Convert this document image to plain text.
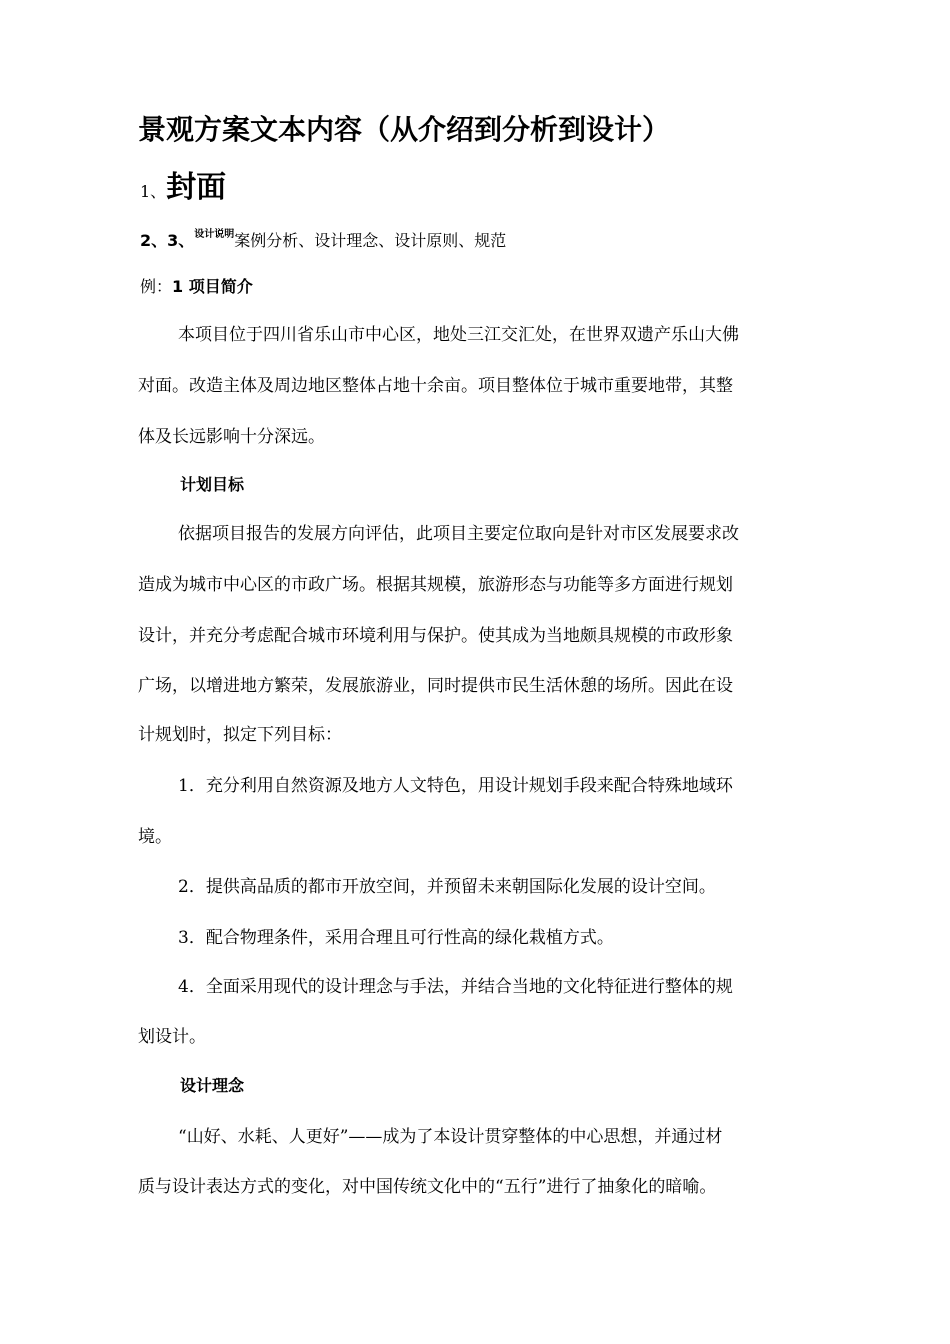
景观方案文本内容（从介绍到分析到设计）
1、封面
2、3、$^{设计说明}$案例分析、设计理念、设计原则、规范
例：1 项目简介
本项目位于四川省乐山市中心区，地处三江交汇处，在世界双遗产乐山大佛
对面。改造主体及周边地区整体占地十余亩。项目整体位于城市重要地带，其整
体及长远影响十分深远。
计划目标
依据项目报告的发展方向评估，此项目主要定位取向是针对市区发展要求改
造成为城市中心区的市政广场。根据其规模，旅游形态与功能等多方面进行规划
设计，并充分考虑配合城市环境利用与保护。使其成为当地颇具规模的市政形象
广场，以增进地方繁荣，发展旅游业，同时提供市民生活休憩的场所。因此在设
计规划时，拟定下列目标：
1．充分利用自然资源及地方人文特色，用设计规划手段来配合特殊地域环
境。
2．提供高品质的都市开放空间，并预留未来朝国际化发展的设计空间。
3．配合物理条件，采用合理且可行性高的绿化栽植方式。
4．全面采用现代的设计理念与手法，并结合当地的文化特征进行整体的规
划设计。
设计理念
“山好、水耗、人更好”——成为了本设计贯穿整体的中心思想，并通过材
质与设计表达方式的变化，对中国传统文化中的“五行”进行了抽象化的暗喻。
